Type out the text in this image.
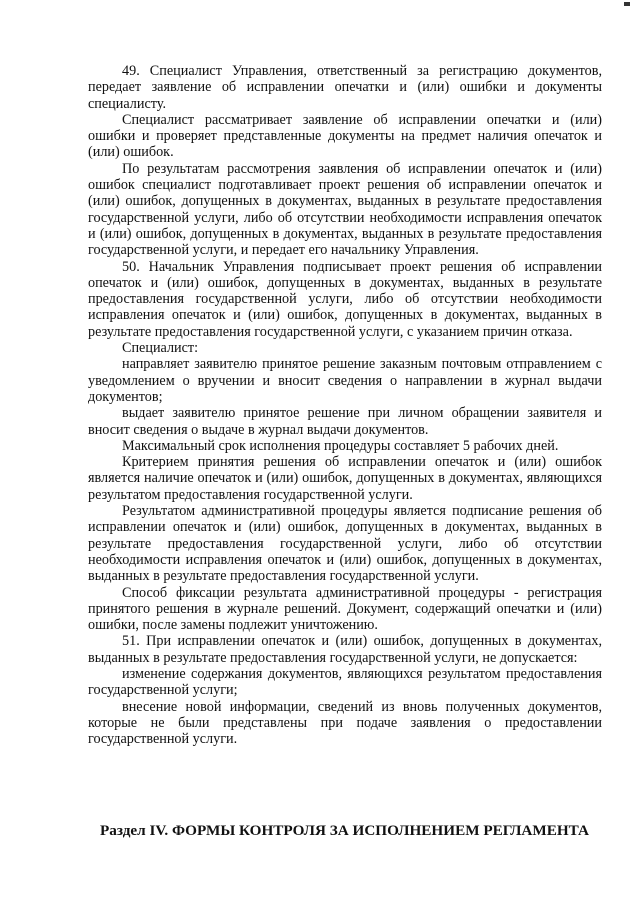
49. Специалист Управления, ответственный за регистрацию документов, передает заявление об исправлении опечатки и (или) ошибки и документы специалисту.

Специалист рассматривает заявление об исправлении опечатки и (или) ошибки и проверяет представленные документы на предмет наличия опечаток и (или) ошибок.

По результатам рассмотрения заявления об исправлении опечаток и (или) ошибок специалист подготавливает проект решения об исправлении опечаток и (или) ошибок, допущенных в документах, выданных в результате предоставления государственной услуги, либо об отсутствии необходимости исправления опечаток и (или) ошибок, допущенных в документах, выданных в результате предоставления государственной услуги, и передает его начальнику Управления.

50. Начальник Управления подписывает проект решения об исправлении опечаток и (или) ошибок, допущенных в документах, выданных в результате предоставления государственной услуги, либо об отсутствии необходимости исправления опечаток и (или) ошибок, допущенных в документах, выданных в результате предоставления государственной услуги, с указанием причин отказа.

Специалист:

направляет заявителю принятое решение заказным почтовым отправлением с уведомлением о вручении и вносит сведения о направлении в журнал выдачи документов;

выдает заявителю принятое решение при личном обращении заявителя и вносит сведения о выдаче в журнал выдачи документов.

Максимальный срок исполнения процедуры составляет 5 рабочих дней.

Критерием принятия решения об исправлении опечаток и (или) ошибок является наличие опечаток и (или) ошибок, допущенных в документах, являющихся результатом предоставления государственной услуги.

Результатом административной процедуры является подписание решения об исправлении опечаток и (или) ошибок, допущенных в документах, выданных в результате предоставления государственной услуги, либо об отсутствии необходимости исправления опечаток и (или) ошибок, допущенных в документах, выданных в результате предоставления государственной услуги.

Способ фиксации результата административной процедуры - регистрация принятого решения в журнале решений. Документ, содержащий опечатки и (или) ошибки, после замены подлежит уничтожению.

51. При исправлении опечаток и (или) ошибок, допущенных в документах, выданных в результате предоставления государственной услуги, не допускается:

изменение содержания документов, являющихся результатом предоставления государственной услуги;

внесение новой информации, сведений из вновь полученных документов, которые не были представлены при подаче заявления о предоставлении государственной услуги.

Раздел IV. ФОРМЫ КОНТРОЛЯ ЗА ИСПОЛНЕНИЕМ РЕГЛАМЕНТА
